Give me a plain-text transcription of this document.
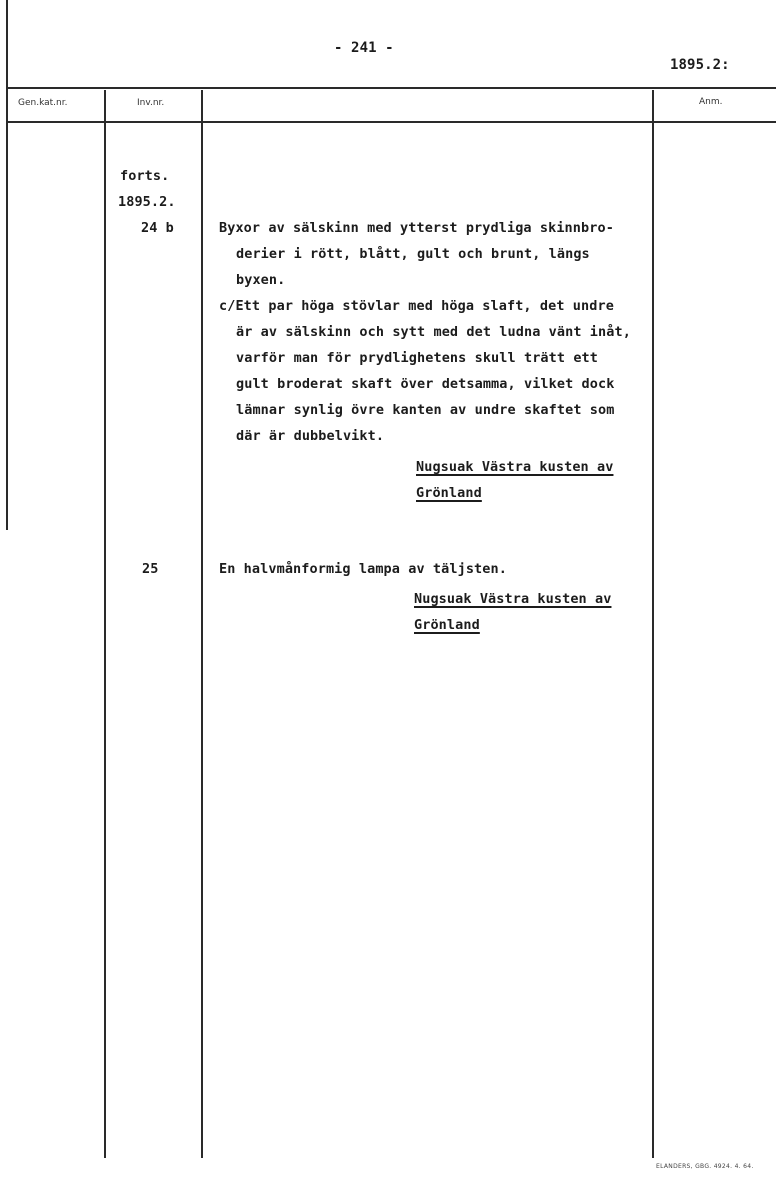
- 241 -
1895.2:
Gen.kat.nr.	Inv.nr.	Anm.
forts.
1895.2.
24 b
25
Byxor av sälskinn med ytterst prydliga skinnbro-
derier i rött, blått, gult och brunt, längs
byxen.
c/Ett par höga stövlar med höga slaft, det undre
är av sälskinn och sytt med det ludna vänt inåt,
varför man för prydlighetens skull trätt ett
gult broderat skaft över detsamma, vilket dock
lämnar synlig övre kanten av undre skaftet som
där är dubbelvikt.
Nugsuak Västra kusten av
Grönland
En halvmånformig lampa av täljsten.
Nugsuak Västra kusten av
Grönland
ELANDERS, GBG. 4924. 4. 64.
